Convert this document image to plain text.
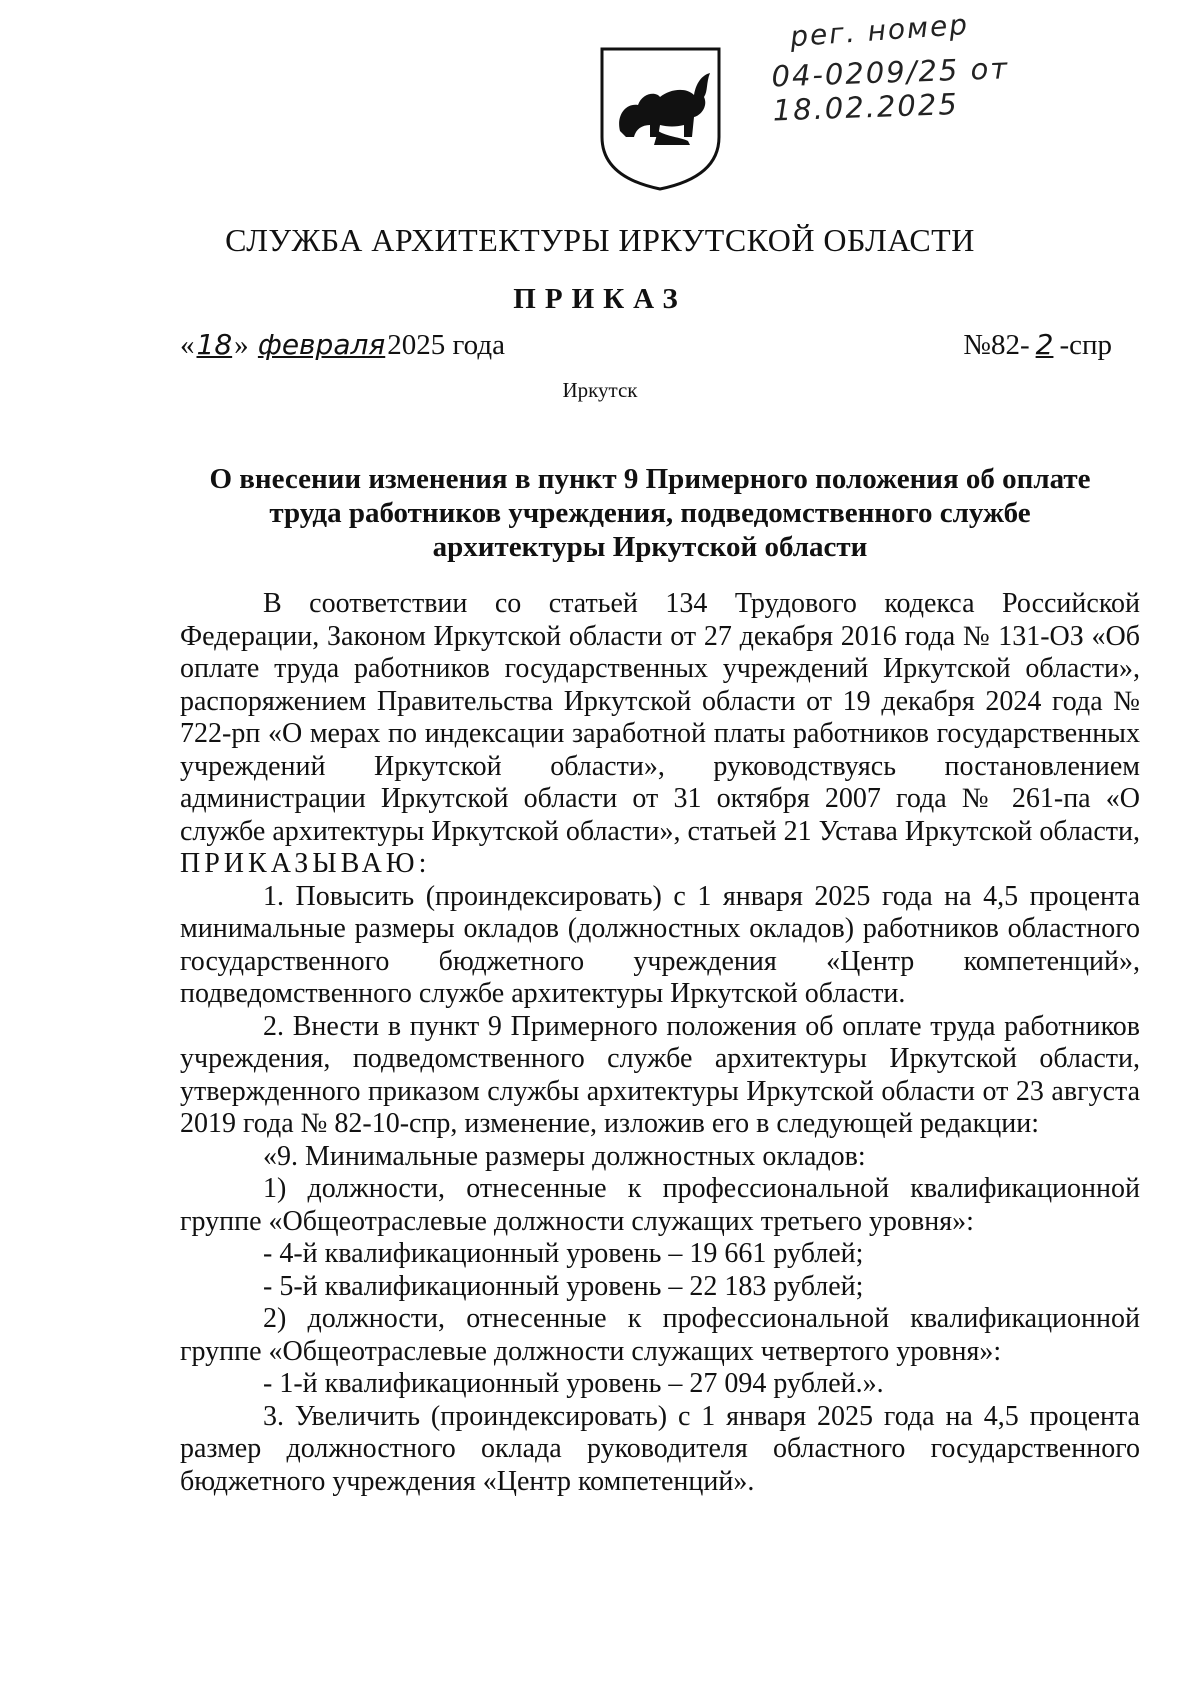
рег. номер
04-0209/25 от 18.02.2025
СЛУЖБА АРХИТЕКТУРЫ ИРКУТСКОЙ ОБЛАСТИ
ПРИКАЗ
«18» февраля2025 года	№82- 2 -спр
Иркутск
О внесении изменения в пункт 9 Примерного положения об оплате труда работников учреждения, подведомственного службе архитектуры Иркутской области

В соответствии со статьей 134 Трудового кодекса Российской Федерации, Законом Иркутской области от 27 декабря 2016 года № 131-ОЗ «Об оплате труда работников государственных учреждений Иркутской области», распоряжением Правительства Иркутской области от 19 декабря 2024 года № 722-рп «О мерах по индексации заработной платы работников государственных учреждений Иркутской области», руководствуясь постановлением администрации Иркутской области от 31 октября 2007 года № 261-па «О службе архитектуры Иркутской области», статьей 21 Устава Иркутской области,

ПРИКАЗЫВАЮ:

1. Повысить (проиндексировать) с 1 января 2025 года на 4,5 процента минимальные размеры окладов (должностных окладов) работников областного государственного бюджетного учреждения «Центр компетенций», подведомственного службе архитектуры Иркутской области.

2. Внести в пункт 9 Примерного положения об оплате труда работников учреждения, подведомственного службе архитектуры Иркутской области, утвержденного приказом службы архитектуры Иркутской области от 23 августа 2019 года № 82-10-спр, изменение, изложив его в следующей редакции:

«9. Минимальные размеры должностных окладов:

1) должности, отнесенные к профессиональной квалификационной группе «Общеотраслевые должности служащих третьего уровня»:

- 4-й квалификационный уровень – 19 661 рублей;

- 5-й квалификационный уровень – 22 183 рублей;

2) должности, отнесенные к профессиональной квалификационной группе «Общеотраслевые должности служащих четвертого уровня»:

- 1-й квалификационный уровень – 27 094 рублей.».

3. Увеличить (проиндексировать) с 1 января 2025 года на 4,5 процента размер должностного оклада руководителя областного государственного бюджетного учреждения «Центр компетенций».
